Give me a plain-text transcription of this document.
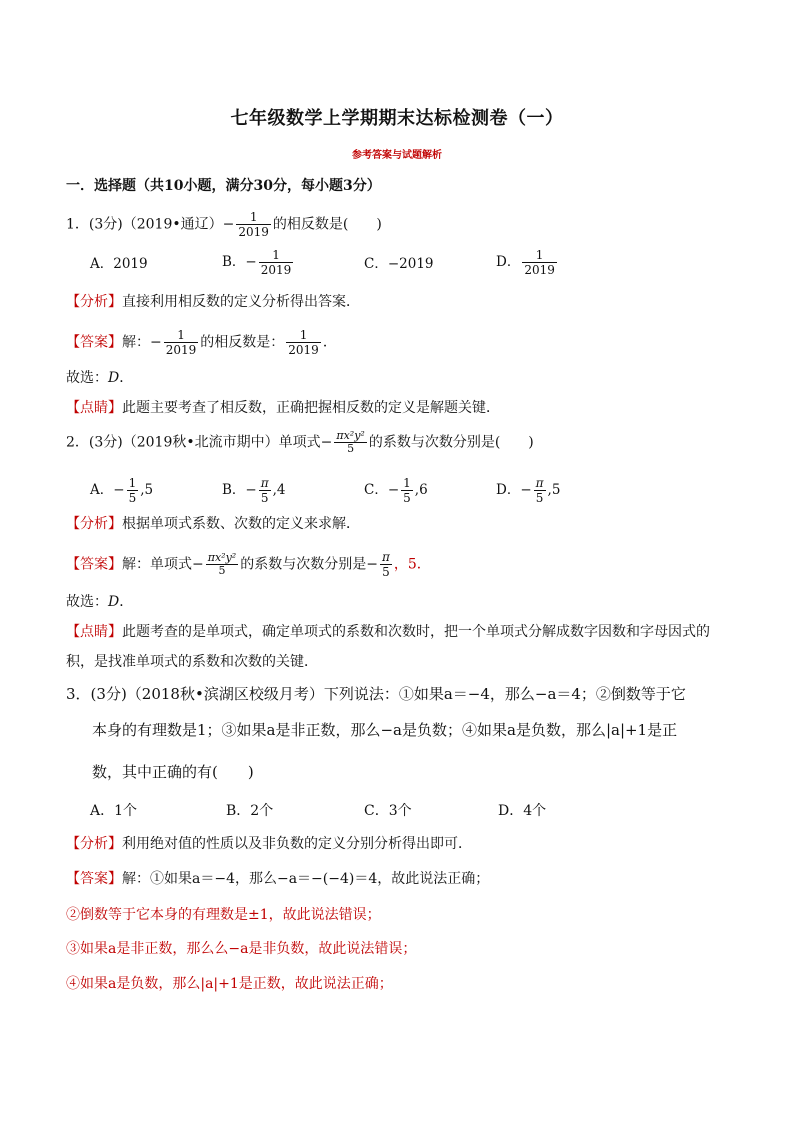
七年级数学上学期期末达标检测卷（一）
参考答案与试题解析
一．选择题（共10小题，满分30分，每小题3分）
1．(3分)（2019•通辽）− $\frac{1}{2019}$ 的相反数是(　　)
A．2019	B．− $\frac{1}{2019}$	C．−2019	D． $\frac{1}{2019}$
【分析】直接利用相反数的定义分析得出答案．
【答案】解：− $\frac{1}{2019}$ 的相反数是： $\frac{1}{2019}$ ．
故选：D．
【点睛】此题主要考查了相反数，正确把握相反数的定义是解题关键．
2．(3分)（2019秋•北流市期中）单项式− $\frac{\text{πx²y²}}{5}$ 的系数与次数分别是(　　)
A．− $\frac{1}{5} ,5$	B．− $\frac{\pi}{5} ,4$	C．− $\frac{1}{5} ,6$	D．− $\frac{\pi}{5} ,5$
【分析】根据单项式系数、次数的定义来求解．
【答案】解：单项式− $\frac{\text{πx²y²}}{5}$ 的系数与次数分别是− $\frac{\pi}{5}$ ，5．
故选：D．
【点睛】此题考查的是单项式，确定单项式的系数和次数时，把一个单项式分解成数字因数和字母因式的
积，是找准单项式的系数和次数的关键．
3．(3分)（2018秋•滨湖区校级月考）下列说法：①如果a＝−4，那么−a＝4；②倒数等于它
本身的有理数是1；③如果a是非正数，那么−a是负数；④如果a是负数，那么|a|+1是正
数，其中正确的有(　　)
A．1个	B．2个	C．3个	D．4个
【分析】利用绝对值的性质以及非负数的定义分别分析得出即可．
【答案】解：①如果a＝−4，那么−a＝−(−4)＝4，故此说法正确；
②倒数等于它本身的有理数是±1，故此说法错误；
③如果a是非正数，那么么−a是非负数，故此说法错误；
④如果a是负数，那么|a|+1是正数，故此说法正确；
